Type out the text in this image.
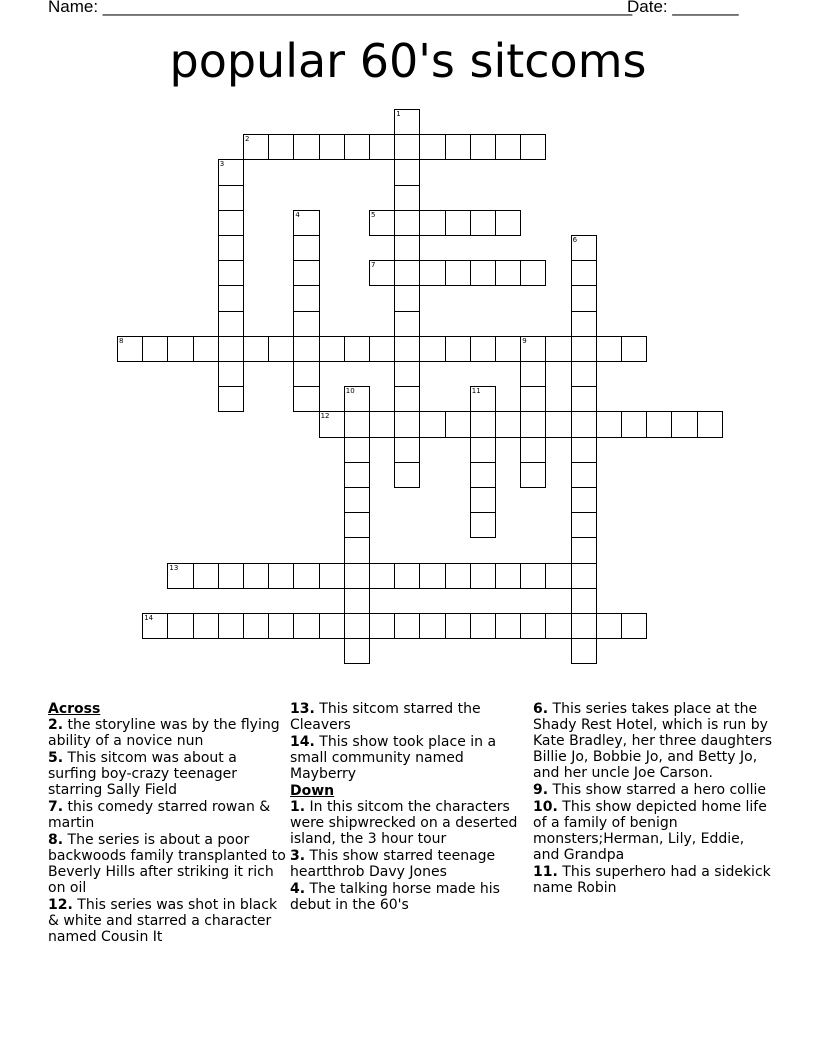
Name: ________________________________________________________
Date: _______
popular 60's sitcoms
1
2
3
4	5
6
7
8	9
10	11
12
13
14
Across
2. the storyline was by the flying ability of a novice nun
5. This sitcom was about a surfing boy-crazy teenager starring Sally Field
7. this comedy starred rowan & martin
8. The series is about a poor backwoods family transplanted to Beverly Hills after striking it rich on oil
12. This series was shot in black & white and starred a character named Cousin It
13. This sitcom starred the Cleavers
14. This show took place in a small community named Mayberry
Down
1. In this sitcom the characters were shipwrecked on a deserted island, the 3 hour tour
3. This show starred teenage heartthrob Davy Jones
4. The talking horse made his debut in the 60's
6. This series takes place at the Shady Rest Hotel, which is run by Kate Bradley, her three daughters Billie Jo, Bobbie Jo, and Betty Jo, and her uncle Joe Carson.
9. This show starred a hero collie
10. This show depicted home life of a family of benign monsters;Herman, Lily, Eddie, and Grandpa
11. This superhero had a sidekick name Robin
